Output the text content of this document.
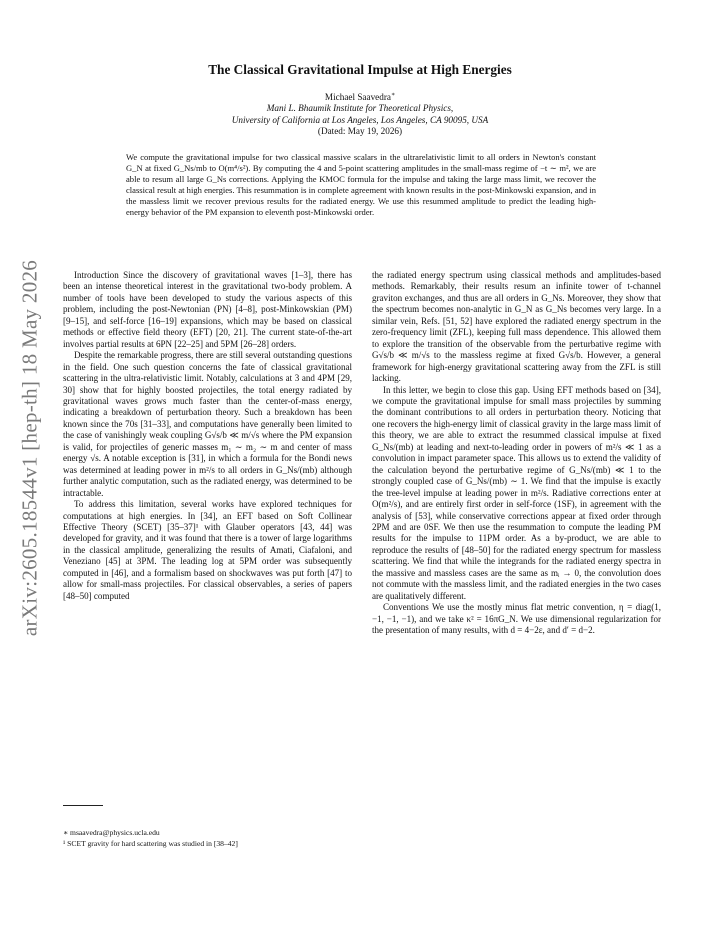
arXiv:2605.18544v1 [hep-th] 18 May 2026
The Classical Gravitational Impulse at High Energies
Michael Saavedra∗
Mani L. Bhaumik Institute for Theoretical Physics,
University of California at Los Angeles, Los Angeles, CA 90095, USA
(Dated: May 19, 2026)
We compute the gravitational impulse for two classical massive scalars in the ultrarelativistic limit to all orders in Newton's constant G_N at fixed G_Ns/mb to O(m⁴/s²). By computing the 4 and 5-point scattering amplitudes in the small-mass regime of −t ∼ m², we are able to resum all large G_Ns corrections. Applying the KMOC formula for the impulse and taking the large mass limit, we recover the classical result at high energies. This resummation is in complete agreement with known results in the post-Minkowski expansion, and in the massless limit we recover previous results for the radiated energy. We use this resummed amplitude to predict the leading high-energy behavior of the PM expansion to eleventh post-Minkowski order.

Introduction Since the discovery of gravitational waves [1–3], there has been an intense theoretical interest in the gravitational two-body problem. A number of tools have been developed to study the various aspects of this problem, including the post-Newtonian (PN) [4–8], post-Minkowskian (PM) [9–15], and self-force [16–19] expansions, which may be based on classical methods or effective field theory (EFT) [20, 21]. The current state-of-the-art involves partial results at 6PN [22–25] and 5PM [26–28] orders.

Despite the remarkable progress, there are still several outstanding questions in the field. One such question concerns the fate of classical gravitational scattering in the ultra-relativistic limit. Notably, calculations at 3 and 4PM [29, 30] show that for highly boosted projectiles, the total energy radiated by gravitational waves grows much faster than the center-of-mass energy, indicating a breakdown of perturbation theory. Such a breakdown has been known since the 70s [31–33], and computations have generally been limited to the case of vanishingly weak coupling G√s/b ≪ m/√s where the PM expansion is valid, for projectiles of generic masses m₁ ∼ m₂ ∼ m and center of mass energy √s. A notable exception is [31], in which a formula for the Bondi news was determined at leading power in m²/s to all orders in G_Ns/(mb) although further analytic computation, such as the radiated energy, was determined to be intractable.

To address this limitation, several works have explored techniques for computations at high energies. In [34], an EFT based on Soft Collinear Effective Theory (SCET) [35–37]¹ with Glauber operators [43, 44] was developed for gravity, and it was found that there is a tower of large logarithms in the classical amplitude, generalizing the results of Amati, Ciafaloni, and Veneziano [45] at 3PM. The leading log at 5PM order was subsequently computed in [46], and a formalism based on shockwaves was put forth [47] to allow for small-mass projectiles. For classical observables, a series of papers [48–50] computed

the radiated energy spectrum using classical methods and amplitudes-based methods. Remarkably, their results resum an infinite tower of t-channel graviton exchanges, and thus are all orders in G_Ns. Moreover, they show that the spectrum becomes non-analytic in G_N as G_Ns becomes very large. In a similar vein, Refs. [51, 52] have explored the radiated energy spectrum in the zero-frequency limit (ZFL), keeping full mass dependence. This allowed them to explore the transition of the observable from the perturbative regime with G√s/b ≪ m/√s to the massless regime at fixed G√s/b. However, a general framework for high-energy gravitational scattering away from the ZFL is still lacking.

In this letter, we begin to close this gap. Using EFT methods based on [34], we compute the gravitational impulse for small mass projectiles by summing the dominant contributions to all orders in perturbation theory. Noticing that one recovers the high-energy limit of classical gravity in the large mass limit of this theory, we are able to extract the resummed classical impulse at fixed G_Ns/(mb) at leading and next-to-leading order in powers of m²/s ≪ 1 as a convolution in impact parameter space. This allows us to extend the validity of the calculation beyond the perturbative regime of G_Ns/(mb) ≪ 1 to the strongly coupled case of G_Ns/(mb) ∼ 1. We find that the impulse is exactly the tree-level impulse at leading power in m²/s. Radiative corrections enter at O(m²/s), and are entirely first order in self-force (1SF), in agreement with the analysis of [53], while conservative corrections appear at fixed order through 2PM and are 0SF. We then use the resummation to compute the leading PM results for the impulse to 11PM order. As a by-product, we are able to reproduce the results of [48–50] for the radiated energy spectrum for massless scattering. We find that while the integrands for the radiated energy spectra in the massive and massless cases are the same as mᵢ → 0, the convolution does not commute with the massless limit, and the radiated energies in the two cases are qualitatively different.

Conventions We use the mostly minus flat metric convention, η = diag(1, −1, −1, −1), and we take κ² = 16πG_N. We use dimensional regularization for the presentation of many results, with d = 4−2ε, and d′ = d−2.

∗ msaavedra@physics.ucla.edu
¹ SCET gravity for hard scattering was studied in [38–42]
